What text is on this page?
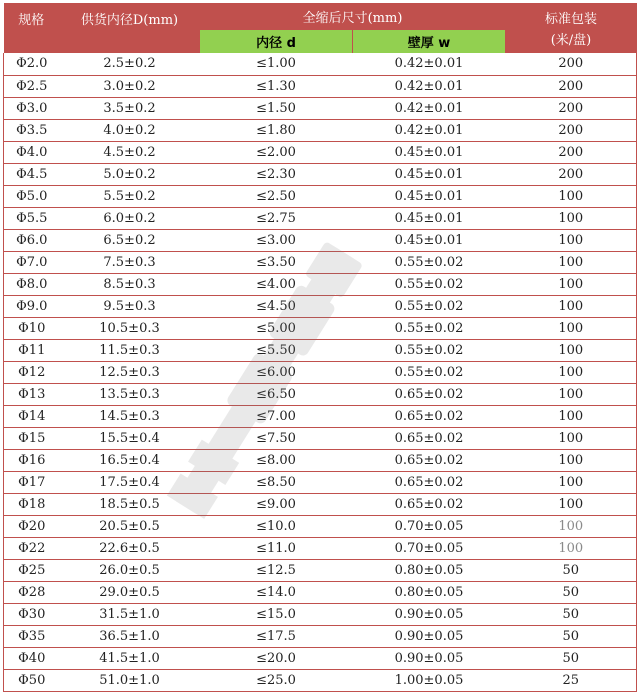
规格	供货内径D(mm)	全缩后尺寸(mm)		标准包装
(米/盘)

		内径 d	壁厚 w	
Φ2.0	2.5±0.2	≤1.00	0.42±0.01	200
Φ2.5	3.0±0.2	≤1.30	0.42±0.01	200
Φ3.0	3.5±0.2	≤1.50	0.42±0.01	200
Φ3.5	4.0±0.2	≤1.80	0.42±0.01	200
Φ4.0	4.5±0.2	≤2.00	0.45±0.01	200
Φ4.5	5.0±0.2	≤2.30	0.45±0.01	200
Φ5.0	5.5±0.2	≤2.50	0.45±0.01	100
Φ5.5	6.0±0.2	≤2.75	0.45±0.01	100
Φ6.0	6.5±0.2	≤3.00	0.45±0.01	100
Φ7.0	7.5±0.3	≤3.50	0.55±0.02	100
Φ8.0	8.5±0.3	≤4.00	0.55±0.02	100
Φ9.0	9.5±0.3	≤4.50	0.55±0.02	100
Φ10	10.5±0.3	≤5.00	0.55±0.02	100
Φ11	11.5±0.3	≤5.50	0.55±0.02	100
Φ12	12.5±0.3	≤6.00	0.55±0.02	100
Φ13	13.5±0.3	≤6.50	0.65±0.02	100
Φ14	14.5±0.3	≤7.00	0.65±0.02	100
Φ15	15.5±0.4	≤7.50	0.65±0.02	100
Φ16	16.5±0.4	≤8.00	0.65±0.02	100
Φ17	17.5±0.4	≤8.50	0.65±0.02	100
Φ18	18.5±0.5	≤9.00	0.65±0.02	100
Φ20	20.5±0.5	≤10.0	0.70±0.05	100
Φ22	22.6±0.5	≤11.0	0.70±0.05	100
Φ25	26.0±0.5	≤12.5	0.80±0.05	50
Φ28	29.0±0.5	≤14.0	0.80±0.05	50
Φ30	31.5±1.0	≤15.0	0.90±0.05	50
Φ35	36.5±1.0	≤17.5	0.90±0.05	50
Φ40	41.5±1.0	≤20.0	0.90±0.05	50
Φ50	51.0±1.0	≤25.0	1.00±0.05	25
